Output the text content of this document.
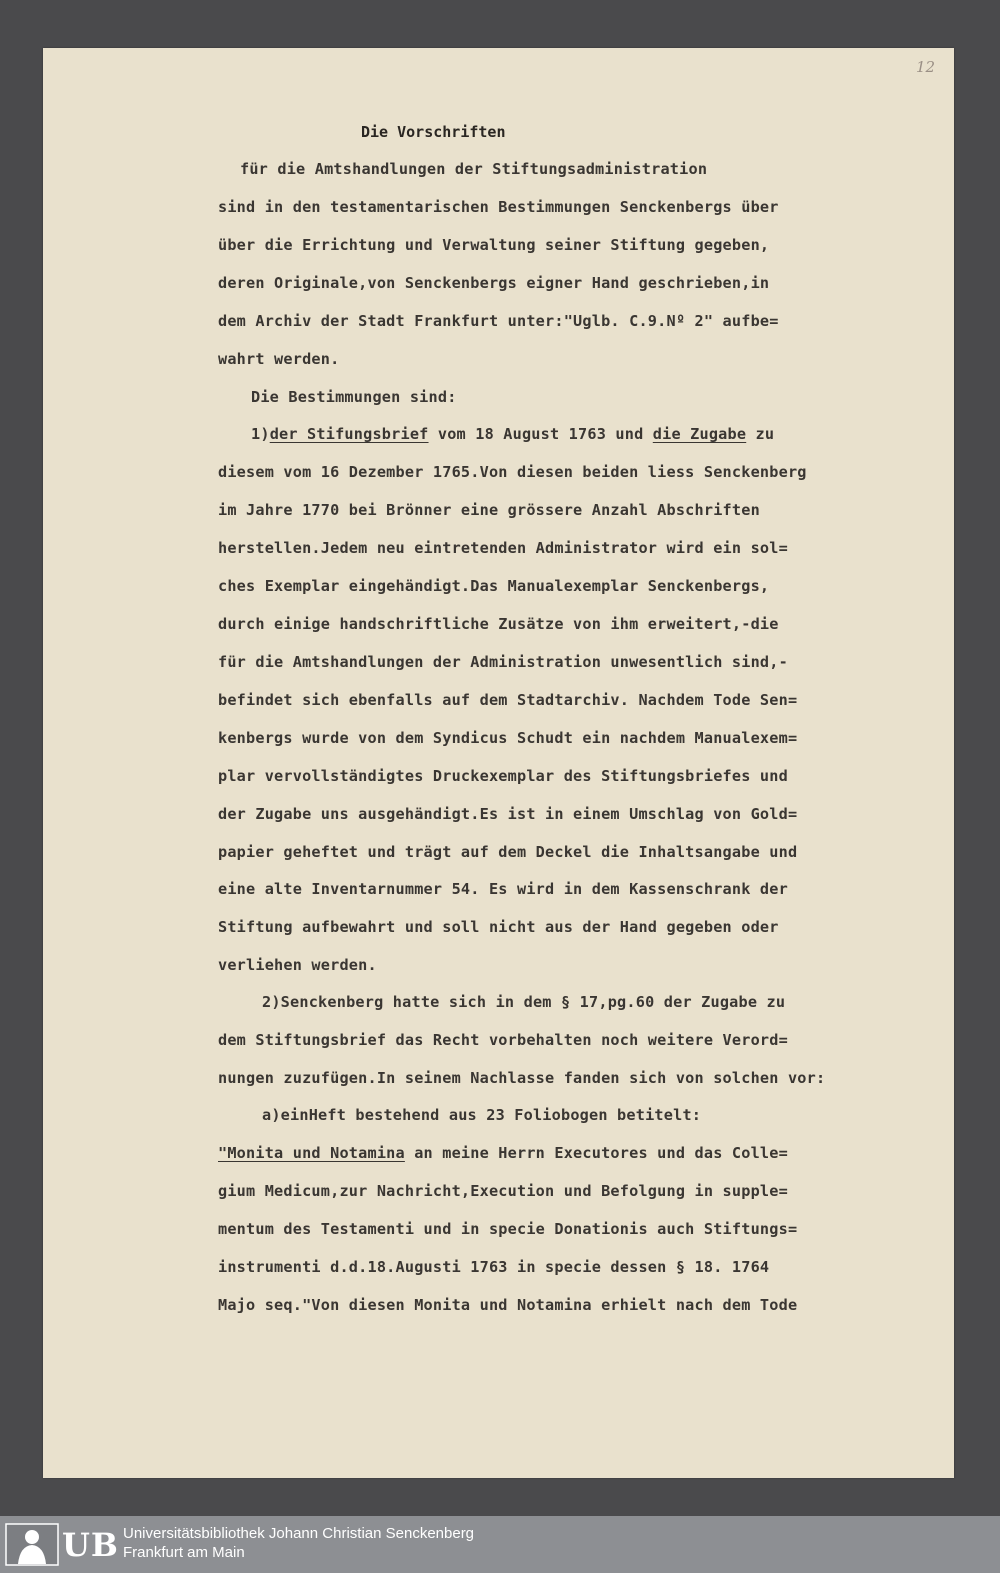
12
Die Vorschriften
für die Amtshandlungen der Stiftungsadministration
sind in den testamentarischen Bestimmungen Senckenbergs über
über die Errichtung und Verwaltung seiner Stiftung gegeben,
deren Originale,von Senckenbergs eigner Hand geschrieben,in
dem Archiv der Stadt Frankfurt unter:"Uglb. C.9.Nº 2" aufbe=
wahrt werden.
Die Bestimmungen sind:
1)der Stifungsbrief vom 18 August 1763 und die Zugabe zu
diesem vom 16 Dezember 1765.Von diesen beiden liess Senckenberg
im Jahre 1770 bei Brönner eine grössere Anzahl Abschriften
herstellen.Jedem neu eintretenden Administrator wird ein sol=
ches Exemplar eingehändigt.Das Manualexemplar Senckenbergs,
durch einige handschriftliche Zusätze von ihm erweitert,-die
für die Amtshandlungen der Administration unwesentlich sind,-
befindet sich ebenfalls auf dem Stadtarchiv. Nachdem Tode Sen=
kenbergs wurde von dem Syndicus Schudt ein nachdem Manualexem=
plar vervollständigtes Druckexemplar des Stiftungsbriefes und
der Zugabe uns ausgehändigt.Es ist in einem Umschlag von Gold=
papier geheftet und trägt auf dem Deckel die Inhaltsangabe und
eine alte Inventarnummer 54. Es wird in dem Kassenschrank der
Stiftung aufbewahrt und soll nicht aus der Hand gegeben oder
verliehen werden.
2)Senckenberg hatte sich in dem § 17,pg.60 der Zugabe zu
dem Stiftungsbrief das Recht vorbehalten noch weitere Verord=
nungen zuzufügen.In seinem Nachlasse fanden sich von solchen vor:
a)einHeft bestehend aus 23 Foliobogen betitelt:
"Monita und Notamina an meine Herrn Executores und das Colle=
gium Medicum,zur Nachricht,Execution und Befolgung in supple=
mentum des Testamenti und in specie Donationis auch Stiftungs=
instrumenti d.d.18.Augusti 1763 in specie dessen § 18. 1764
Majo seq."Von diesen Monita und Notamina erhielt nach dem Tode
UB Universitätsbibliothek Johann Christian Senckenberg
Frankfurt am Main
